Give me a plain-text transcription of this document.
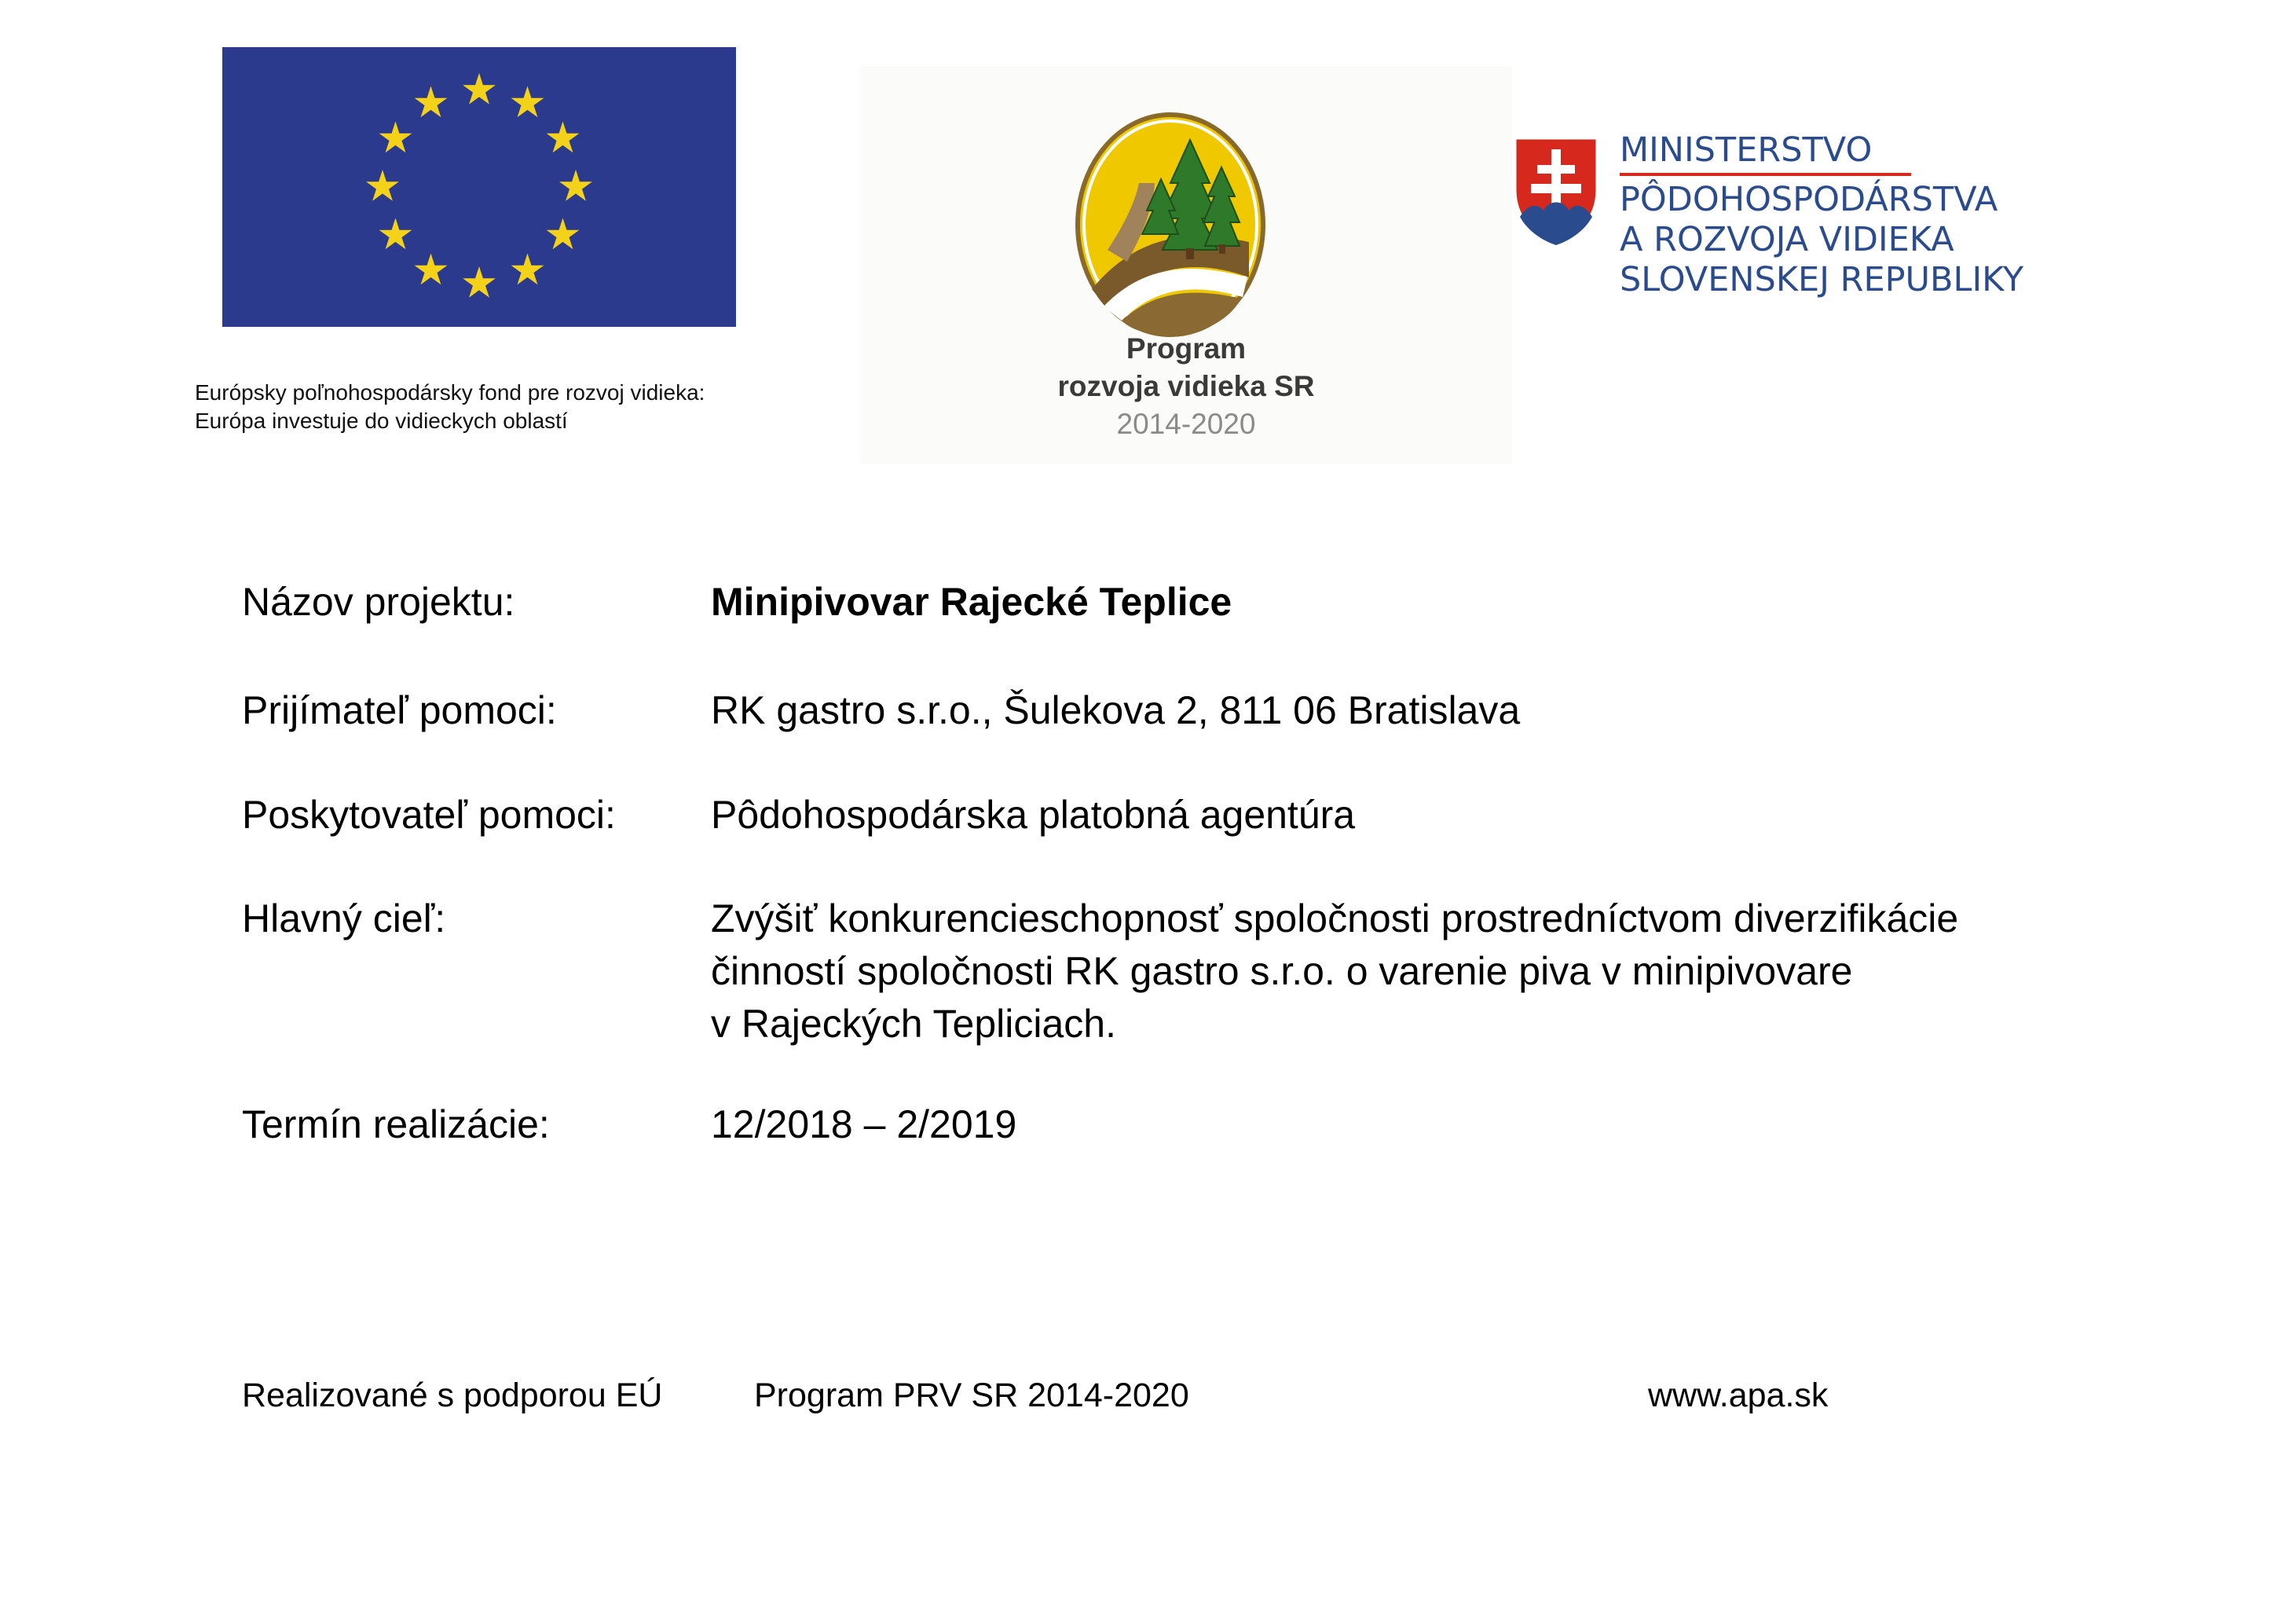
Európsky poľnohospodársky fond pre rozvoj vidieka:
Európa investuje do vidieckych oblastí
Program
rozvoja vidieka SR
2014-2020
MINISTERSTVO
PÔDOHOSPODÁRSTVA
A ROZVOJA VIDIEKA
SLOVENSKEJ REPUBLIKY
Názov projektu:	Minipivovar Rajecké Teplice
Prijímateľ pomoci:	RK gastro s.r.o., Šulekova 2, 811 06 Bratislava
Poskytovateľ pomoci: Pôdohospodárska platobná agentúra
Hlavný cieľ:	Zvýšiť konkurencieschopnosť spoločnosti prostredníctvom diverzifikácie
činností spoločnosti RK gastro s.r.o. o varenie piva v minipivovare
v Rajeckých Tepliciach.
Termín realizácie:	12/2018 – 2/2019
Realizované s podporou EÚ	Program PRV SR 2014-2020	www.apa.sk
